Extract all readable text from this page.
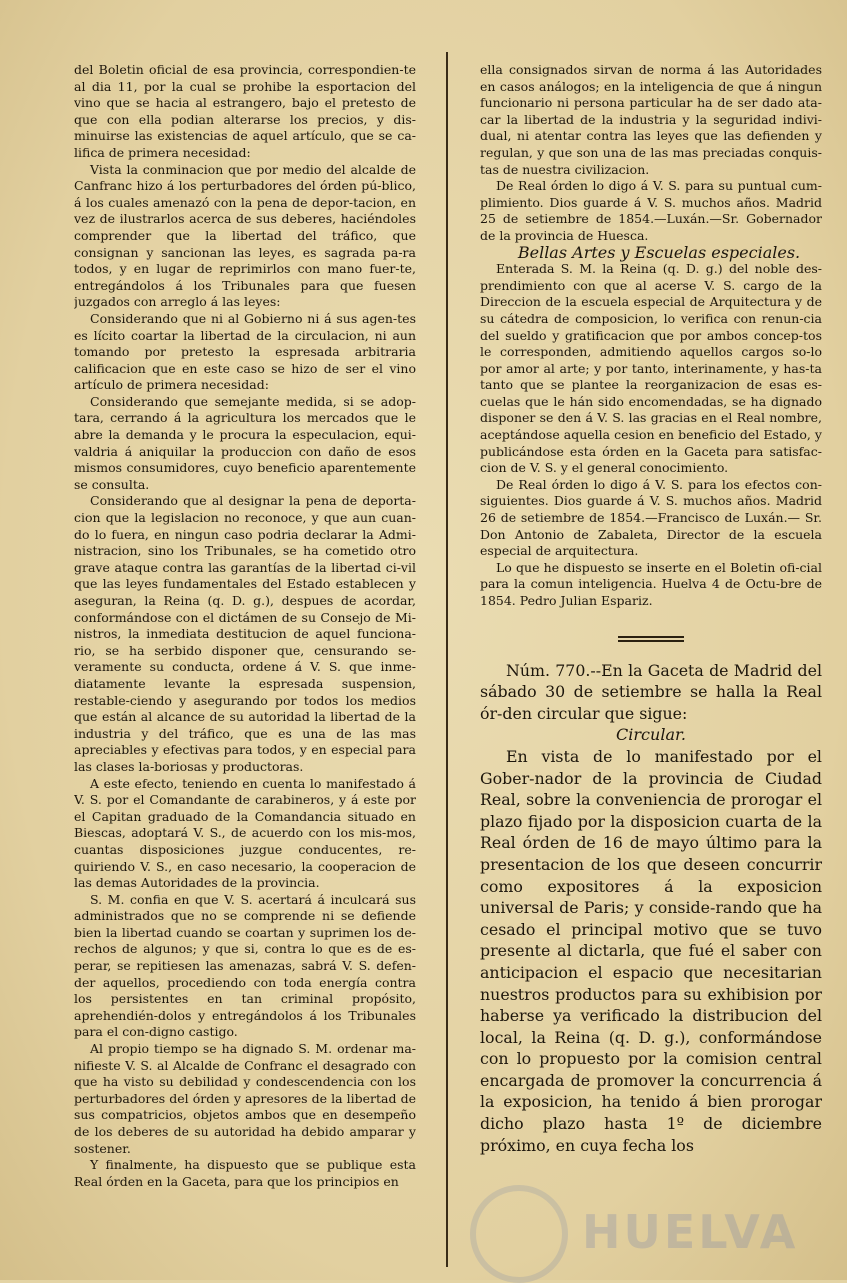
del Boletin oficial de esa provincia, correspondien-te al dia 11, por la cual se prohibe la esportacion del vino que se hacia al estrangero, bajo el pretesto de que con ella podian alterarse los precios, y dis-minuirse las existencias de aquel artículo, que se ca-lifica de primera necesidad:

Vista la conminacion que por medio del alcalde de Canfranc hizo á los perturbadores del órden pú-blico, á los cuales amenazó con la pena de depor-tacion, en vez de ilustrarlos acerca de sus deberes, haciéndoles comprender que la libertad del tráfico, que consignan y sancionan las leyes, es sagrada pa-ra todos, y en lugar de reprimirlos con mano fuer-te, entregándolos á los Tribunales para que fuesen juzgados con arreglo á las leyes:

Considerando que ni al Gobierno ni á sus agen-tes es lícito coartar la libertad de la circulacion, ni aun tomando por pretesto la espresada arbitraria calificacion que en este caso se hizo de ser el vino artículo de primera necesidad:

Considerando que semejante medida, si se adop-tara, cerrando á la agricultura los mercados que le abre la demanda y le procura la especulacion, equi-valdria á aniquilar la produccion con daño de esos mismos consumidores, cuyo beneficio aparentemente se consulta.

Considerando que al designar la pena de deporta-cion que la legislacion no reconoce, y que aun cuan-do lo fuera, en ningun caso podria declarar la Admi-nistracion, sino los Tribunales, se ha cometido otro grave ataque contra las garantías de la libertad ci-vil que las leyes fundamentales del Estado establecen y aseguran, la Reina (q. D. g.), despues de acordar, conformándose con el dictámen de su Consejo de Mi-nistros, la inmediata destitucion de aquel funciona-rio, se ha serbido disponer que, censurando se-veramente su conducta, ordene á V. S. que inme-diatamente levante la espresada suspension, restable-ciendo y asegurando por todos los medios que están al alcance de su autoridad la libertad de la industria y del tráfico, que es una de las mas apreciables y efectivas para todos, y en especial para las clases la-boriosas y productoras.

A este efecto, teniendo en cuenta lo manifestado á V. S. por el Comandante de carabineros, y á este por el Capitan graduado de la Comandancia situado en Biescas, adoptará V. S., de acuerdo con los mis-mos, cuantas disposiciones juzgue conducentes, re-quiriendo V. S., en caso necesario, la cooperacion de las demas Autoridades de la provincia.

S. M. confia en que V. S. acertará á inculcará sus administrados que no se comprende ni se defiende bien la libertad cuando se coartan y suprimen los de-rechos de algunos; y que si, contra lo que es de es-perar, se repitiesen las amenazas, sabrá V. S. defen-der aquellos, procediendo con toda energía contra los persistentes en tan criminal propósito, aprehendién-dolos y entregándolos á los Tribunales para el con-digno castigo.

Al propio tiempo se ha dignado S. M. ordenar ma-nifieste V. S. al Alcalde de Confranc el desagrado con que ha visto su debilidad y condescendencia con los perturbadores del órden y apresores de la libertad de sus compatricios, objetos ambos que en desempeño de los deberes de su autoridad ha debido amparar y sostener.

Y finalmente, ha dispuesto que se publique esta Real órden en la Gaceta, para que los principios en

ella consignados sirvan de norma á las Autoridades en casos análogos; en la inteligencia de que á ningun funcionario ni persona particular ha de ser dado ata-car la libertad de la industria y la seguridad indivi-dual, ni atentar contra las leyes que las defienden y regulan, y que son una de las mas preciadas conquis-tas de nuestra civilizacion.

De Real órden lo digo á V. S. para su puntual cum-plimiento. Dios guarde á V. S. muchos años. Madrid 25 de setiembre de 1854.—Luxán.—Sr. Gobernador de la provincia de Huesca.

Bellas Artes y Escuelas especiales.

Enterada S. M. la Reina (q. D. g.) del noble des-prendimiento con que al acerse V. S. cargo de la Direccion de la escuela especial de Arquitectura y de su cátedra de composicion, lo verifica con renun-cia del sueldo y gratificacion que por ambos concep-tos le corresponden, admitiendo aquellos cargos so-lo por amor al arte; y por tanto, interinamente, y has-ta tanto que se plantee la reorganizacion de esas es-cuelas que le hán sido encomendadas, se ha dignado disponer se den á V. S. las gracias en el Real nombre, aceptándose aquella cesion en beneficio del Estado, y publicándose esta órden en la Gaceta para satisfac-cion de V. S. y el general conocimiento.

De Real órden lo digo á V. S. para los efectos con-siguientes. Dios guarde á V. S. muchos años. Madrid 26 de setiembre de 1854.—Francisco de Luxán.— Sr. Don Antonio de Zabaleta, Director de la escuela especial de arquitectura.

Lo que he dispuesto se inserte en el Boletin ofi-cial para la comun inteligencia. Huelva 4 de Octu-bre de 1854. Pedro Julian Espariz.

Núm. 770.--En la Gaceta de Madrid del sábado 30 de setiembre se halla la Real ór-den circular que sigue:

Circular.

En vista de lo manifestado por el Gober-nador de la provincia de Ciudad Real, sobre la conveniencia de prorogar el plazo fijado por la disposicion cuarta de la Real órden de 16 de mayo último para la presentacion de los que deseen concurrir como expositores á la exposicion universal de Paris; y conside-rando que ha cesado el principal motivo que se tuvo presente al dictarla, que fué el saber con anticipacion el espacio que necesitarian nuestros productos para su exhibision por haberse ya verificado la distribucion del local, la Reina (q. D. g.), conformándose con lo propuesto por la comision central encargada de promover la concurrencia á la exposicion, ha tenido á bien prorogar dicho plazo hasta 1º de diciembre próximo, en cuya fecha los

HUELVA
